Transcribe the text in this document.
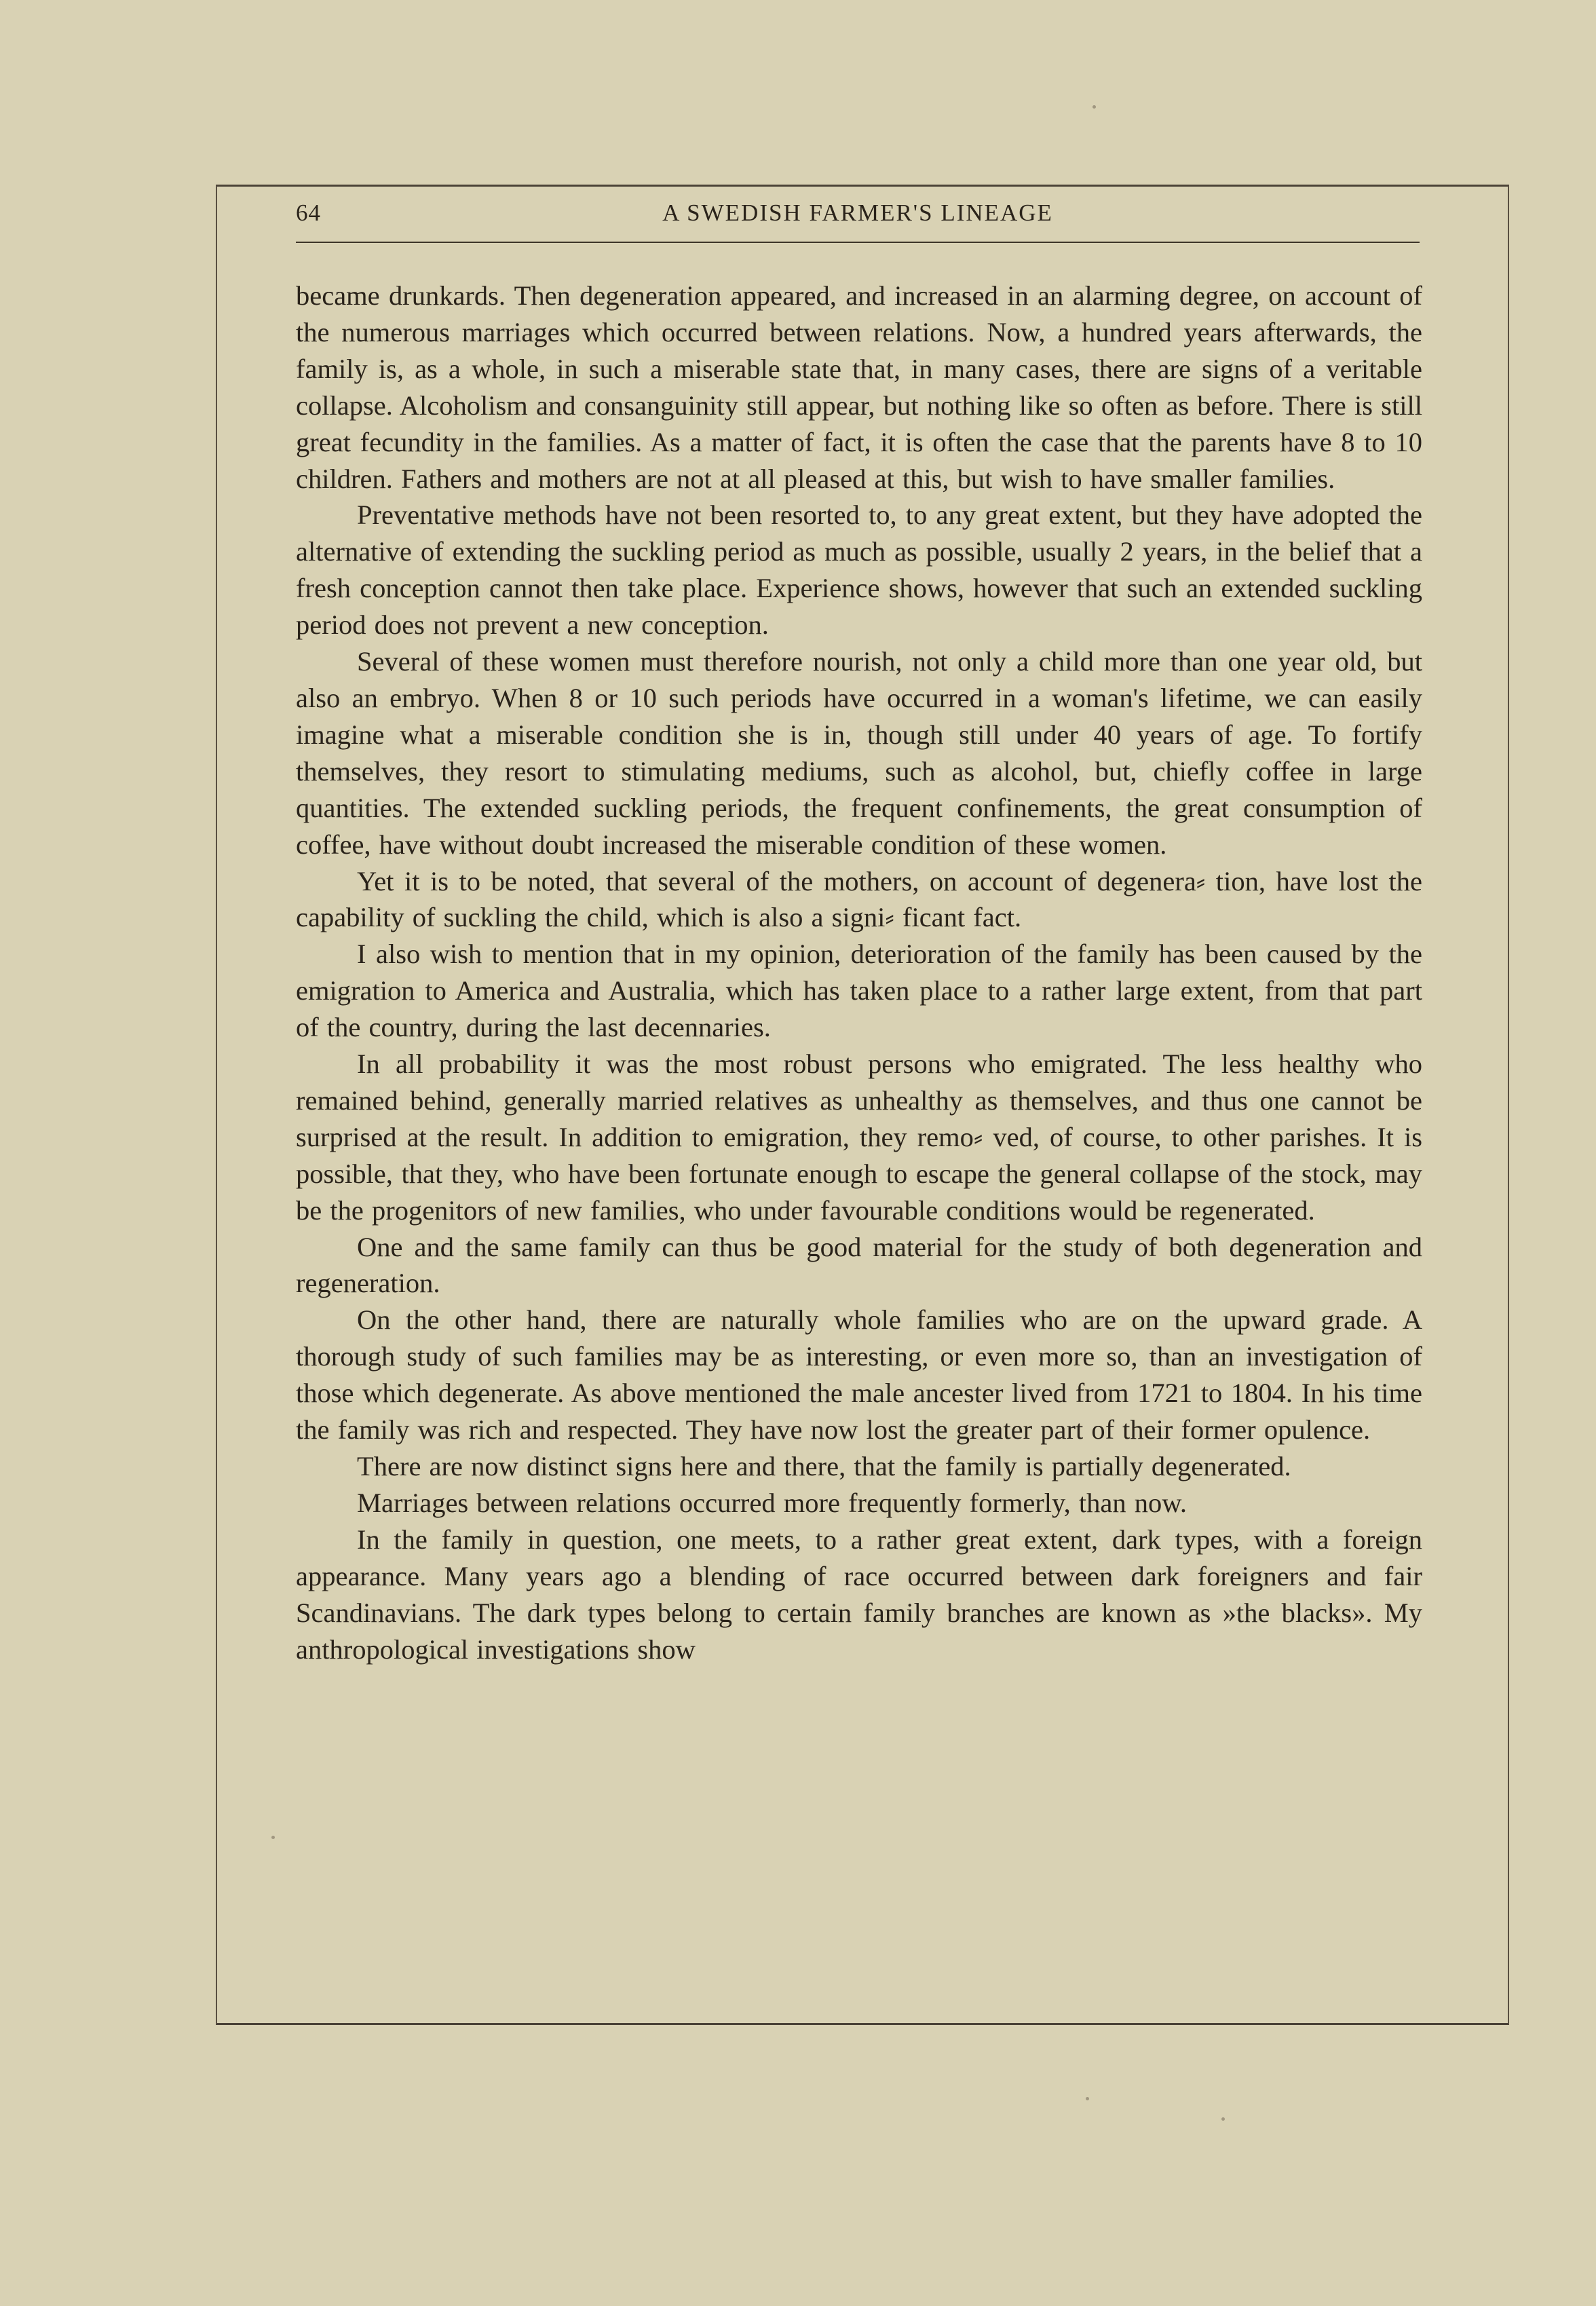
64	A SWEDISH FARMER'S LINEAGE

became drunkards. Then degeneration appeared, and increased in an alarming degree, on account of the numerous marriages which occurred between relations. Now, a hundred years afterwards, the family is, as a whole, in such a miserable state that, in many cases, there are signs of a veritable collapse. Alcoholism and consanguinity still appear, but nothing like so often as before. There is still great fecundity in the families. As a matter of fact, it is often the case that the parents have 8 to 10 children. Fathers and mothers are not at all pleased at this, but wish to have smaller families.

Preventative methods have not been resorted to, to any great extent, but they have adopted the alternative of extending the suckling period as much as possible, usually 2 years, in the belief that a fresh conception cannot then take place. Experience shows, however that such an extended suckling period does not prevent a new conception.

Several of these women must therefore nourish, not only a child more than one year old, but also an embryo. When 8 or 10 such periods have occurred in a woman's lifetime, we can easily imagine what a miserable condition she is in, though still under 40 years of age. To fortify themselves, they resort to stimulating mediums, such as alcohol, but, chiefly coffee in large quantities. The extended suckling periods, the frequent confinements, the great consumption of coffee, have without doubt increased the miserable condition of these women.

Yet it is to be noted, that several of the mothers, on account of degenera⸗ tion, have lost the capability of suckling the child, which is also a signi⸗ ficant fact.

I also wish to mention that in my opinion, deterioration of the family has been caused by the emigration to America and Australia, which has taken place to a rather large extent, from that part of the country, during the last decennaries.

In all probability it was the most robust persons who emigrated. The less healthy who remained behind, generally married relatives as unhealthy as themselves, and thus one cannot be surprised at the result. In addition to emigration, they remo⸗ ved, of course, to other parishes. It is possible, that they, who have been fortunate enough to escape the general collapse of the stock, may be the progenitors of new families, who under favourable conditions would be regenerated.

One and the same family can thus be good material for the study of both degeneration and regeneration.

On the other hand, there are naturally whole families who are on the upward grade. A thorough study of such families may be as interesting, or even more so, than an investigation of those which degenerate. As above mentioned the male ancester lived from 1721 to 1804. In his time the family was rich and respected. They have now lost the greater part of their former opulence.

There are now distinct signs here and there, that the family is partially degenerated.

Marriages between relations occurred more frequently formerly, than now.

In the family in question, one meets, to a rather great extent, dark types, with a foreign appearance. Many years ago a blending of race occurred between dark foreigners and fair Scandinavians. The dark types belong to certain family branches are known as »the blacks». My anthropological investigations show
